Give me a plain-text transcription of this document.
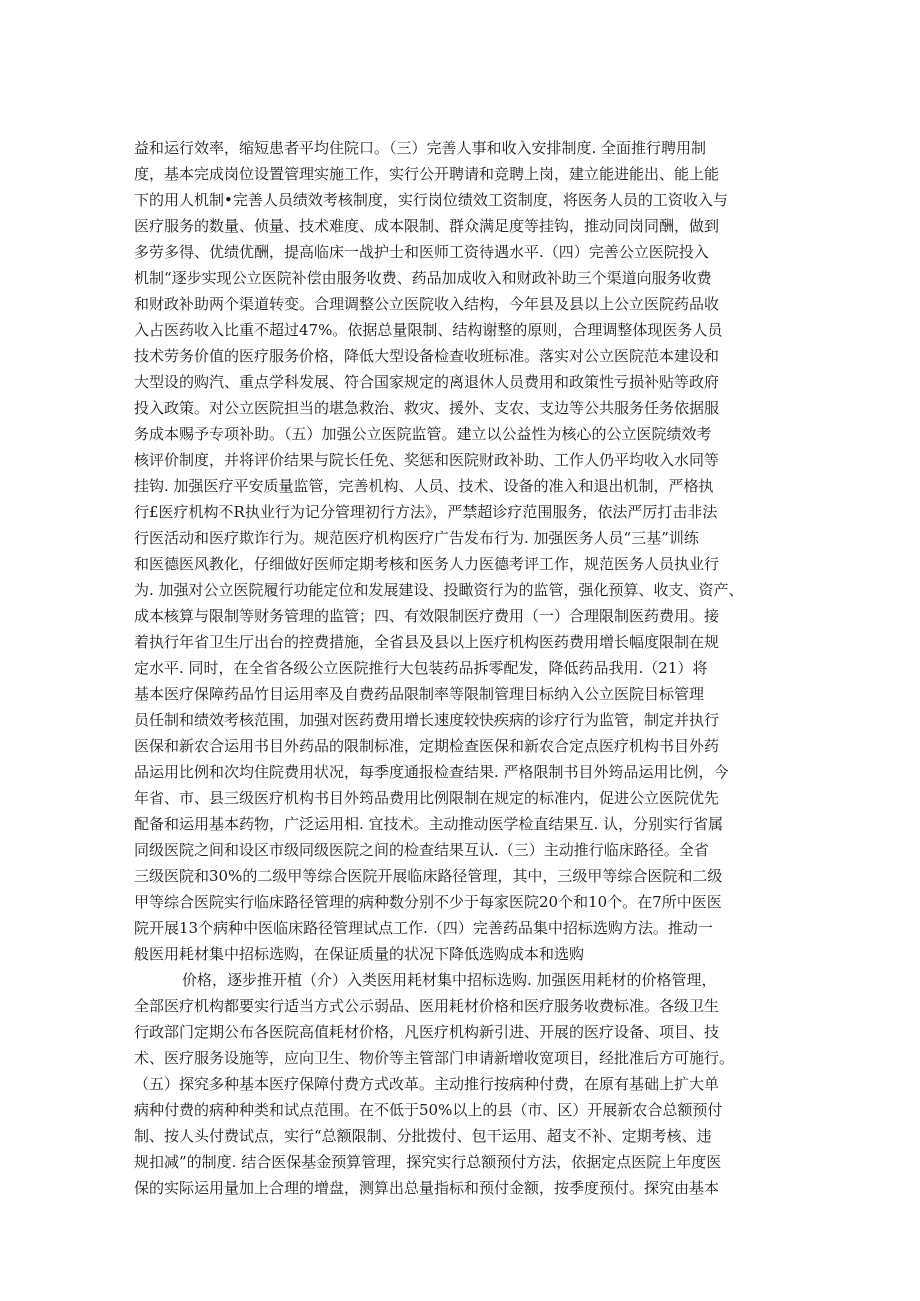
益和运行效率，缩短患者平均住院口。（三）完善人事和收入安排制度. 全面推行聘用制
度，基本完成岗位设置管理实施工作，实行公开聘请和竞聘上岗，建立能进能出、能上能
下的用人机制•完善人员绩效考核制度，实行岗位绩效工资制度，将医务人员的工资收入与
医疗服务的数量、侦量、技术难度、成本限制、群众满足度等挂钩，推动同岗同酬，做到
多劳多得、优绩优酬，提高临床一战护士和医师工资待遇水平.（四）完善公立医院投入
机制“逐步实现公立医院补偿由服务收费、药品加成收入和财政补助三个渠道向服务收费
和财政补助两个渠道转变。合理调整公立医院收入结构，今年县及县以上公立医院药品收
入占医药收入比重不超过47%。依据总量限制、结构谢整的原则，合理调整体现医务人员
技术劳务价值的医疗服务价格，降低大型设备检查收班标准。落实对公立医院范本建设和
大型设的购汽、重点学科发展、符合国家规定的离退休人员费用和政策性亏损补贴等政府
投入政策。对公立医院担当的堪急救治、救灾、援外、支农、支边等公共服务任务依据服
务成本赐予专项补助。（五）加强公立医院监管。建立以公益性为核心的公立医院绩效考
核评价制度，并将评价结果与院长任免、奖惩和医院财政补助、工作人仍平均收入水同等
挂钩. 加强医疗平安质量监管，完善机构、人员、技术、设备的准入和退出机制，严格执
行£医疗机构不R执业行为记分管理初行方法》，严禁超诊疗范围服务，依法严厉打击非法
行医活动和医疗欺诈行为。规范医疗机构医疗广告发布行为. 加强医务人员“三基”训练
和医德医风教化，仔细做好医师定期考核和医务人力医德考评工作，规范医务人员执业行
为. 加强对公立医院履行功能定位和发展建设、投瞰资行为的监管，强化预算、收支、资产、
成本核算与限制等财务管理的监管；四、有效限制医疗费用（一）合理限制医药费用。接
着执行年省卫生厅出台的控费措施，全省县及县以上医疗机构医药费用增长幅度限制在规
定水平. 同时，在全省各级公立医院推行大包装药品拆零配发，降低药品我用.（21）将
基本医疗保障药品竹目运用率及自费药品限制率等限制管理目标纳入公立医院目标管理
员任制和绩效考核范围，加强对医药费用增长速度较快疾病的诊疗行为监管，制定并执行
医保和新农合运用书目外药品的限制标准，定期检查医保和新农合定点医疗机构书目外药
品运用比例和次均住院费用状况，每季度通报检查结果. 严格限制书目外筠品运用比例，今
年省、市、县三级医疗机构书目外筠品费用比例限制在规定的标准内，促进公立医院优先
配备和运用基本药物，广泛运用相. 宜技术。主动推动医学检直结果互. 认，分别实行省属
同级医院之间和设区市级同级医院之间的检查结果互认.（三）主动推行临床路径。全省
三级医院和30%的二级甲等综合医院开展临床路径管理，其中，三级甲等综合医院和二级
甲等综合医院实行临床路径管理的病种数分别不少于每家医院20个和10个。在7所中医医
院开展13个病种中医临床路径管理试点工作.（四）完善药品集中招标选购方法。推动一
般医用耗材集中招标选购，在保证质量的状况下降低选购成本和选购
价格，逐步推开植（介）入类医用耗材集中招标选购. 加强医用耗材的价格管理，
全部医疗机构都要实行适当方式公示弱品、医用耗材价格和医疗服务收费标准。各级卫生
行政部门定期公布各医院高值耗材价格，凡医疗机构新引进、开展的医疗设备、项目、技
术、医疗服务设施等，应向卫生、物价等主管部门申请新增收宽项目，经批准后方可施行。
（五）探究多种基本医疗保障付费方式改革。主动推行按病种付费，在原有基础上扩大单
病种付费的病种种类和试点范围。在不低于50%以上的县（市、区）开展新农合总额预付
制、按人头付费试点，实行“总额限制、分批拨付、包干运用、超支不补、定期考核、违
规扣减”的制度. 结合医保基金预算管理，探究实行总额预付方法，依据定点医院上年度医
保的实际运用量加上合理的增盘，测算出总量指标和预付金额，按季度预付。探究由基本
